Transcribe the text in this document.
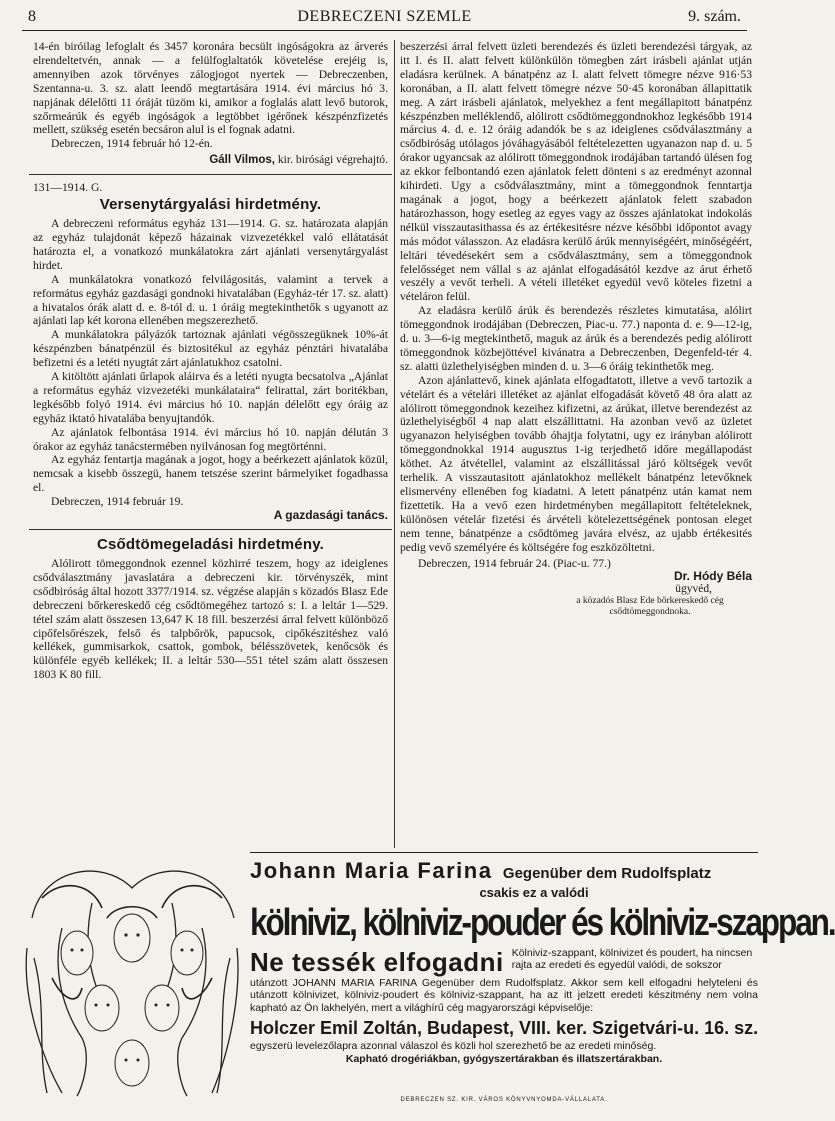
8	DEBRECZENI SZEMLE	9. szám.

14-én biróilag lefoglalt és 3457 koronára becsült ingóságokra az árverés elrendeltetvén, annak — a felülfoglaltatók követelése erejéig is, amennyiben azok törvényes zálogjogot nyertek — Debreczenben, Szentanna-u. 3. sz. alatt leendő megtartására 1914. évi március hó 3. napjának délelőtti 11 óráját tüzöm ki, amikor a foglalás alatt levő butorok, szőrmeárúk és egyéb ingóságok a legtöbbet igérőnek készpénzfizetés mellett, szükség esetén becsáron alul is el fognak adatni.

Debreczen, 1914 február hó 12-én.

Gáll Vilmos, kir. birósági végrehajtó.
131—1914. G.
Versenytárgyalási hirdetmény.

A debreczeni református egyház 131—1914. G. sz. határozata alapján az egyház tulajdonát képező házainak vizvezetékkel való ellátatását határozta el, a vonatkozó munkálatokra zárt ajánlati versenytárgyalást hirdet.

A munkálatokra vonatkozó felvilágositás, valamint a tervek a református egyház gazdasági gondnoki hivatalában (Egyház-tér 17. sz. alatt) a hivatalos órák alatt d. e. 8-tól d. u. 1 óráig megtekinthetők s ugyanott az ajánlati lap két korona ellenében megszerezhető.

A munkálatokra pályázók tartoznak ajánlati végösszegüknek 10%-át készpénzben bánatpénzül és biztositékul az egyház pénztári hivatalába befizetni és a letéti nyugtát zárt ajánlatukhoz csatolni.

A kitöltött ajánlati űrlapok aláirva és a letéti nyugta becsatolva „Ajánlat a református egyház vizvezetéki munkálataira“ felirattal, zárt boritékban, legkésőbb folyó 1914. évi március hó 10. napján délelőtt egy óráig az egyház iktató hivatalába benyujtandók.

Az ajánlatok felbontása 1914. évi március hó 10. napján délután 3 órakor az egyház tanácstermében nyilvánosan fog megtörténni.

Az egyház fentartja magának a jogot, hogy a beérkezett ajánlatok közül, nemcsak a kisebb összegü, hanem tetszése szerint bármelyiket fogadhassa el.

Debreczen, 1914 február 19.

A gazdasági tanács.
Csődtömegeladási hirdetmény.

Alólirott tömeggondnok ezennel közhirré teszem, hogy az ideiglenes csődválasztmány javaslatára a debreczeni kir. törvényszék, mint csődbiróság által hozott 3377/1914. sz. végzése alapján s közadós Blasz Ede debreczeni bőrkereskedő cég csődtömegéhez tartozó s: I. a leltár 1—529. tétel szám alatt összesen 13,647 K 18 fill. beszerzési árral felvett különböző cipőfelsőrészek, felső és talpbőrök, papucsok, cipőkészitéshez való kellékek, gummisarkok, csattok, gombok, bélésszövetek, kenőcsök és különféle egyéb kellékek; II. a leltár 530—551 tétel szám alatt összesen 1803 K 80 fill.

beszerzési árral felvett üzleti berendezés és üzleti berendezési tárgyak, az itt I. és II. alatt felvett különkülön tömegben zárt irásbeli ajánlat utján eladásra kerülnek. A bánatpénz az I. alatt felvett tömegre nézve 916·53 koronában, a II. alatt felvett tömegre nézve 50·45 koronában állapittatik meg. A zárt irásbeli ajánlatok, melyekhez a fent megállapitott bánatpénz készpénzben melléklendő, alólirott csődtömeggondnokhoz legkésőbb 1914 március 4. d. e. 12 óráig adandók be s az ideiglenes csődválasztmány a csődbiróság utólagos jóváhagyásából feltételezetten ugyanazon nap d. u. 5 órakor ugyancsak az alólirott tömeggondnok irodájában tartandó ülésen fog az ekkor felbontandó ezen ajánlatok felett dönteni s az eredményt azonnal kihirdeti. Ugy a csődválasztmány, mint a tömeggondnok fenntartja magának a jogot, hogy a beérkezett ajánlatok felett szabadon határozhasson, hogy esetleg az egyes vagy az összes ajánlatokat indokolás nélkül visszautasithassa és az értékesitésre nézve későbbi időpontot avagy más módot válasszon. Az eladásra kerülő árúk mennyiségéért, minőségéért, leltári tévedésekért sem a csődválasztmány, sem a tömeggondnok felelősséget nem vállal s az ajánlat elfogadásától kezdve az árut érhető veszély a vevőt terheli. A vételi illetéket egyedül vevő köteles fizetni a vételáron felül.

Az eladásra kerülő árúk és berendezés részletes kimutatása, alólirt tömeggondnok irodájában (Debreczen, Piac-u. 77.) naponta d. e. 9—12-ig, d. u. 3—6-ig megtekinthető, maguk az árúk és a berendezés pedig alólirott tömeggondnok közbejöttével kivánatra a Debreczenben, Degenfeld-tér 4. sz. alatti üzlethelyiségben minden d. u. 3—6 óráig tekinthetők meg.

Azon ajánlattevő, kinek ajánlata elfogadtatott, illetve a vevő tartozik a vételárt és a vételári illetéket az ajánlat elfogadását követő 48 óra alatt az alólirott tömeggondnok kezeihez kifizetni, az árúkat, illetve berendezést az üzlethelyiségből 4 nap alatt elszállittatni. Ha azonban vevő az üzletet ugyanazon helyiségben tovább óhajtja folytatni, ugy ez irányban alólirott tömeggondnokkal 1914 augusztus 1-ig terjedhető időre megállapodást köthet. Az átvétellel, valamint az elszállitással járó költségek vevőt terhelik. A visszautasitott ajánlatokhoz mellékelt bánatpénz letevőknek elismervény ellenében fog kiadatni. A letett pánatpénz után kamat nem fizettetik. Ha a vevő ezen hirdetményben megállapitott feltételeknek, különösen vételár fizetési és árvételi kötelezettségének pontosan eleget nem tenne, bánatpénze a csődtömeg javára elvész, az ujabb értékesités pedig vevő személyére és költségére fog eszközöltetni.

Debreczen, 1914 február 24. (Piac-u. 77.)

Dr. Hódy Béla
ügyvéd,
a közadós Blasz Ede bőrkereskedő cég csődtömeggondnoka.
Johann Maria Farina Gegenüber dem Rudolfsplatz
csakis ez a valódi
kölniviz, kölniviz-pouder és kölniviz-szappan.
Ne tessék elfogadni Kölniviz-szappant, kölnivizet és poudert, ha nincsen rajta az eredeti és egyedül valódi, de sokszor
utánzott JOHANN MARIA FARINA Gegenüber dem Rudolfsplatz. Akkor sem kell elfogadni helyteleni és utánzott kölnivizet, kölniviz-poudert és kölniviz-szappant, ha az itt jelzett eredeti készitmény nem volna kapható az Ön lakhelyén, mert a világhírű cég magyarországi képviselője:
Holczer Emil Zoltán, Budapest, VIII. ker. Szigetvári-u. 16. sz.
egyszerü levelezőlapra azonnal válaszol és közli hol szerezhető be az eredeti minőség.
Kapható drogériákban, gyógyszertárakban és illatszertárakban.
DEBRECZEN SZ. KIR. VÁROS KÖNYVNYOMDA-VÁLLALATA.
